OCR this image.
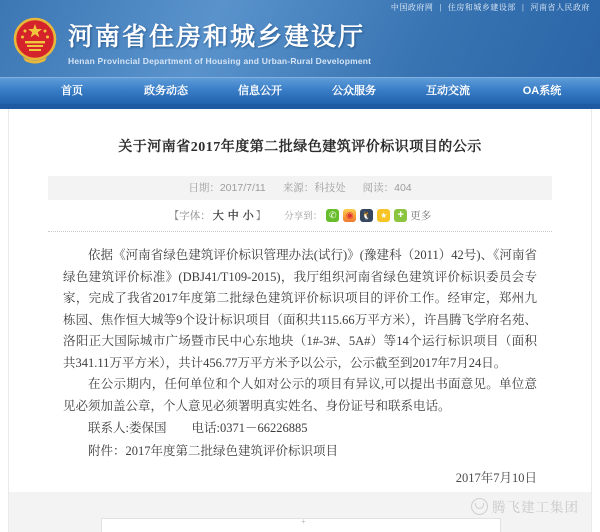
中国政府网 | 住房和城乡建设部 | 河南省人民政府
河南省住房和城乡建设厅
Henan Provincial Department of Housing and Urban-Rural Development
首页	政务动态	信息公开	公众服务	互动交流	OA系统
关于河南省2017年度第二批绿色建筑评价标识项目的公示
日期：2017/7/11 来源：科技处 阅读：404
【字体： 大 中 小 】 分享到： ✆ ◉ 🐧 ★ +	更多

依据《河南省绿色建筑评价标识管理办法(试行)》(豫建科（2011）42号)、《河南省绿色建筑评价标准》(DBJ41/T109-2015)，我厅组织河南省绿色建筑评价标识委员会专家，完成了我省2017年度第二批绿色建筑评价标识项目的评价工作。经审定，郑州九栋园、焦作恒大城等9个设计标识项目（面积共115.66万平方米），许昌腾飞学府名苑、洛阳正大国际城市广场暨市民中心东地块（1#-3#、5A#）等14个运行标识项目（面积共341.11万平方米），共计456.77万平方米予以公示，公示截至到2017年7月24日。

在公示期内，任何单位和个人如对公示的项目有异议,可以提出书面意见。单位意见必须加盖公章，个人意见必须署明真实姓名、身份证号和联系电话。

联系人:娄保国　　电话:0371－66226885

附件：2017年度第二批绿色建筑评价标识项目

2017年7月10日
腾飞建工集团
+
